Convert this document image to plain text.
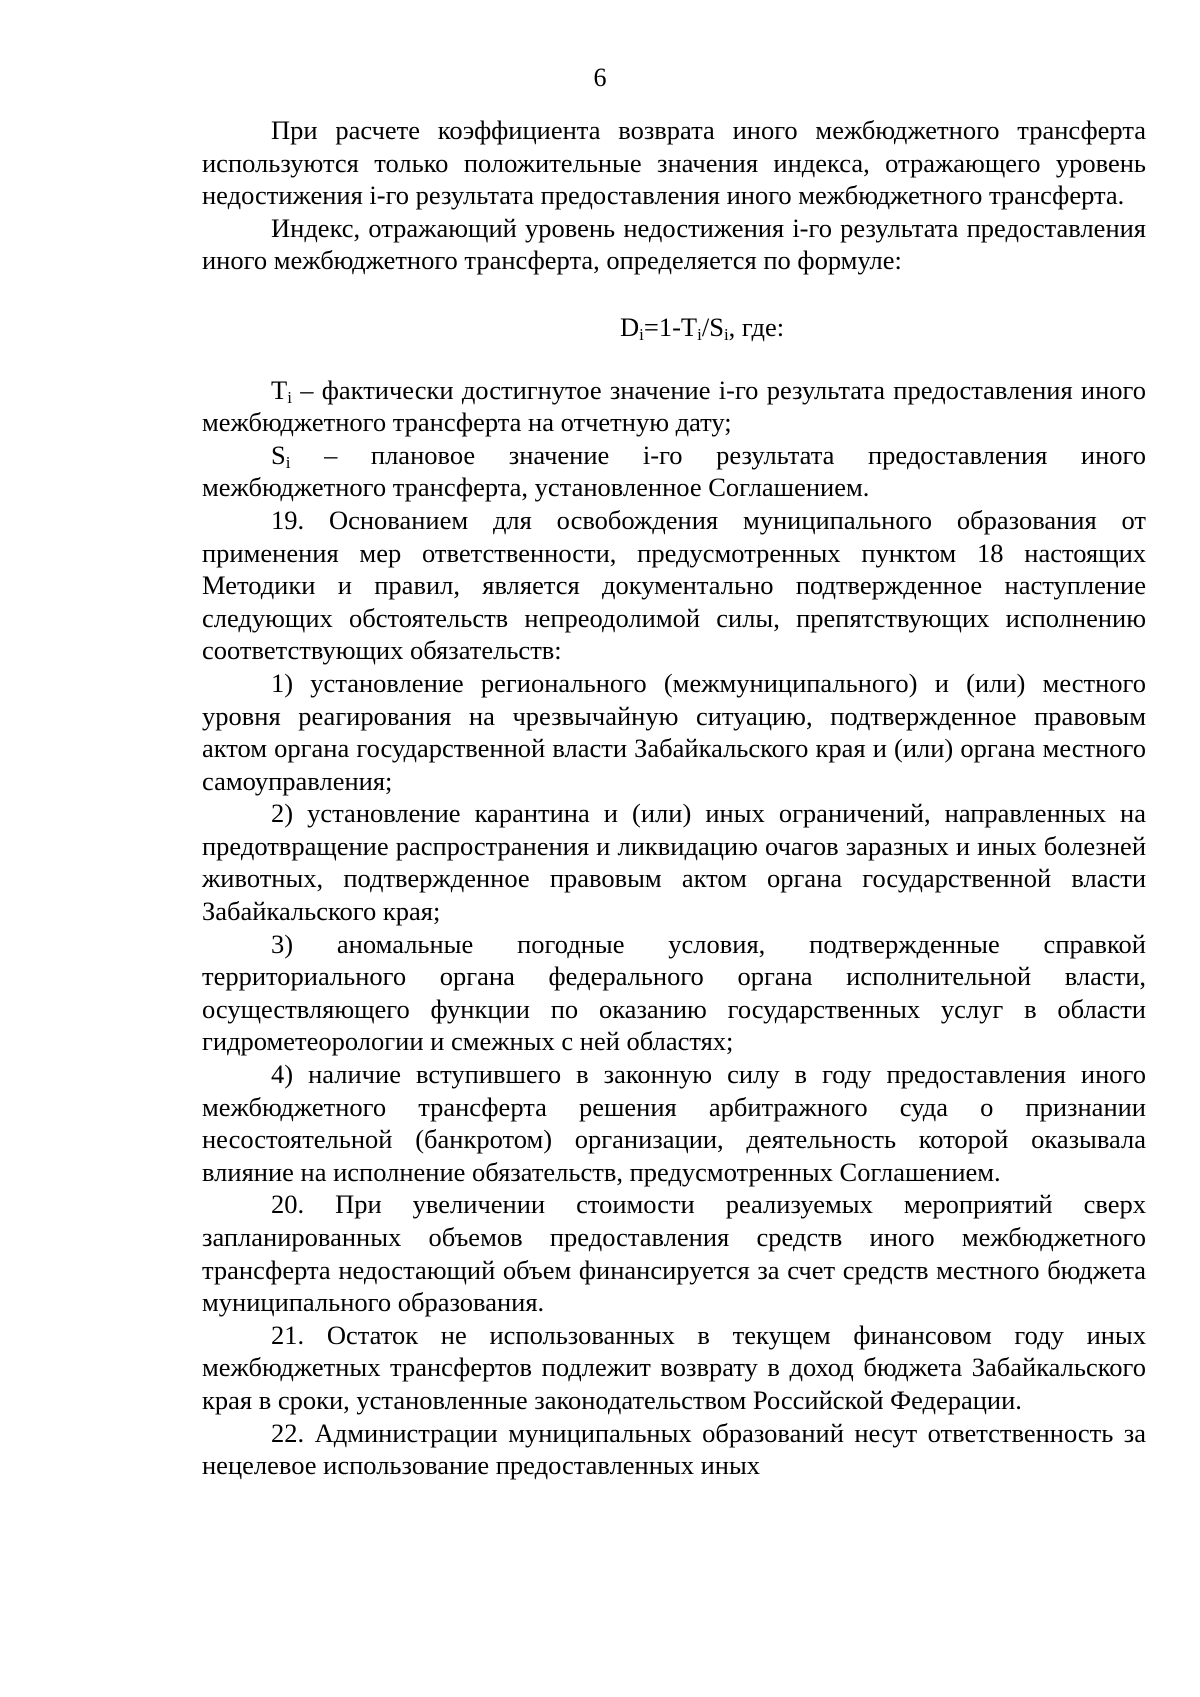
6

При расчете коэффициента возврата иного межбюджетного трансферта используются только положительные значения индекса, отражающего уровень недостижения i-го результата предоставления иного межбюджетного трансферта.

Индекс, отражающий уровень недостижения i-го результата предоставления иного межбюджетного трансферта, определяется по формуле:

$D_i=1-T_i/S_i$, где:

$T_i$ – фактически достигнутое значение i-го результата предоставления иного межбюджетного трансферта на отчетную дату;

$S_i$ – плановое значение i-го результата предоставления иного межбюджетного трансферта, установленное Соглашением.

19. Основанием для освобождения муниципального образования от применения мер ответственности, предусмотренных пунктом 18 настоящих Методики и правил, является документально подтвержденное наступление следующих обстоятельств непреодолимой силы, препятствующих исполнению соответствующих обязательств:

1) установление регионального (межмуниципального) и (или) местного уровня реагирования на чрезвычайную ситуацию, подтвержденное правовым актом органа государственной власти Забайкальского края и (или) органа местного самоуправления;

2) установление карантина и (или) иных ограничений, направленных на предотвращение распространения и ликвидацию очагов заразных и иных болезней животных, подтвержденное правовым актом органа государственной власти Забайкальского края;

3) аномальные погодные условия, подтвержденные справкой территориального органа федерального органа исполнительной власти, осуществляющего функции по оказанию государственных услуг в области гидрометеорологии и смежных с ней областях;

4) наличие вступившего в законную силу в году предоставления иного межбюджетного трансферта решения арбитражного суда о признании несостоятельной (банкротом) организации, деятельность которой оказывала влияние на исполнение обязательств, предусмотренных Соглашением.

20. При увеличении стоимости реализуемых мероприятий сверх запланированных объемов предоставления средств иного межбюджетного трансферта недостающий объем финансируется за счет средств местного бюджета муниципального образования.

21. Остаток не использованных в текущем финансовом году иных межбюджетных трансфертов подлежит возврату в доход бюджета Забайкальского края в сроки, установленные законодательством Российской Федерации.

22. Администрации муниципальных образований несут ответственность за нецелевое использование предоставленных иных
